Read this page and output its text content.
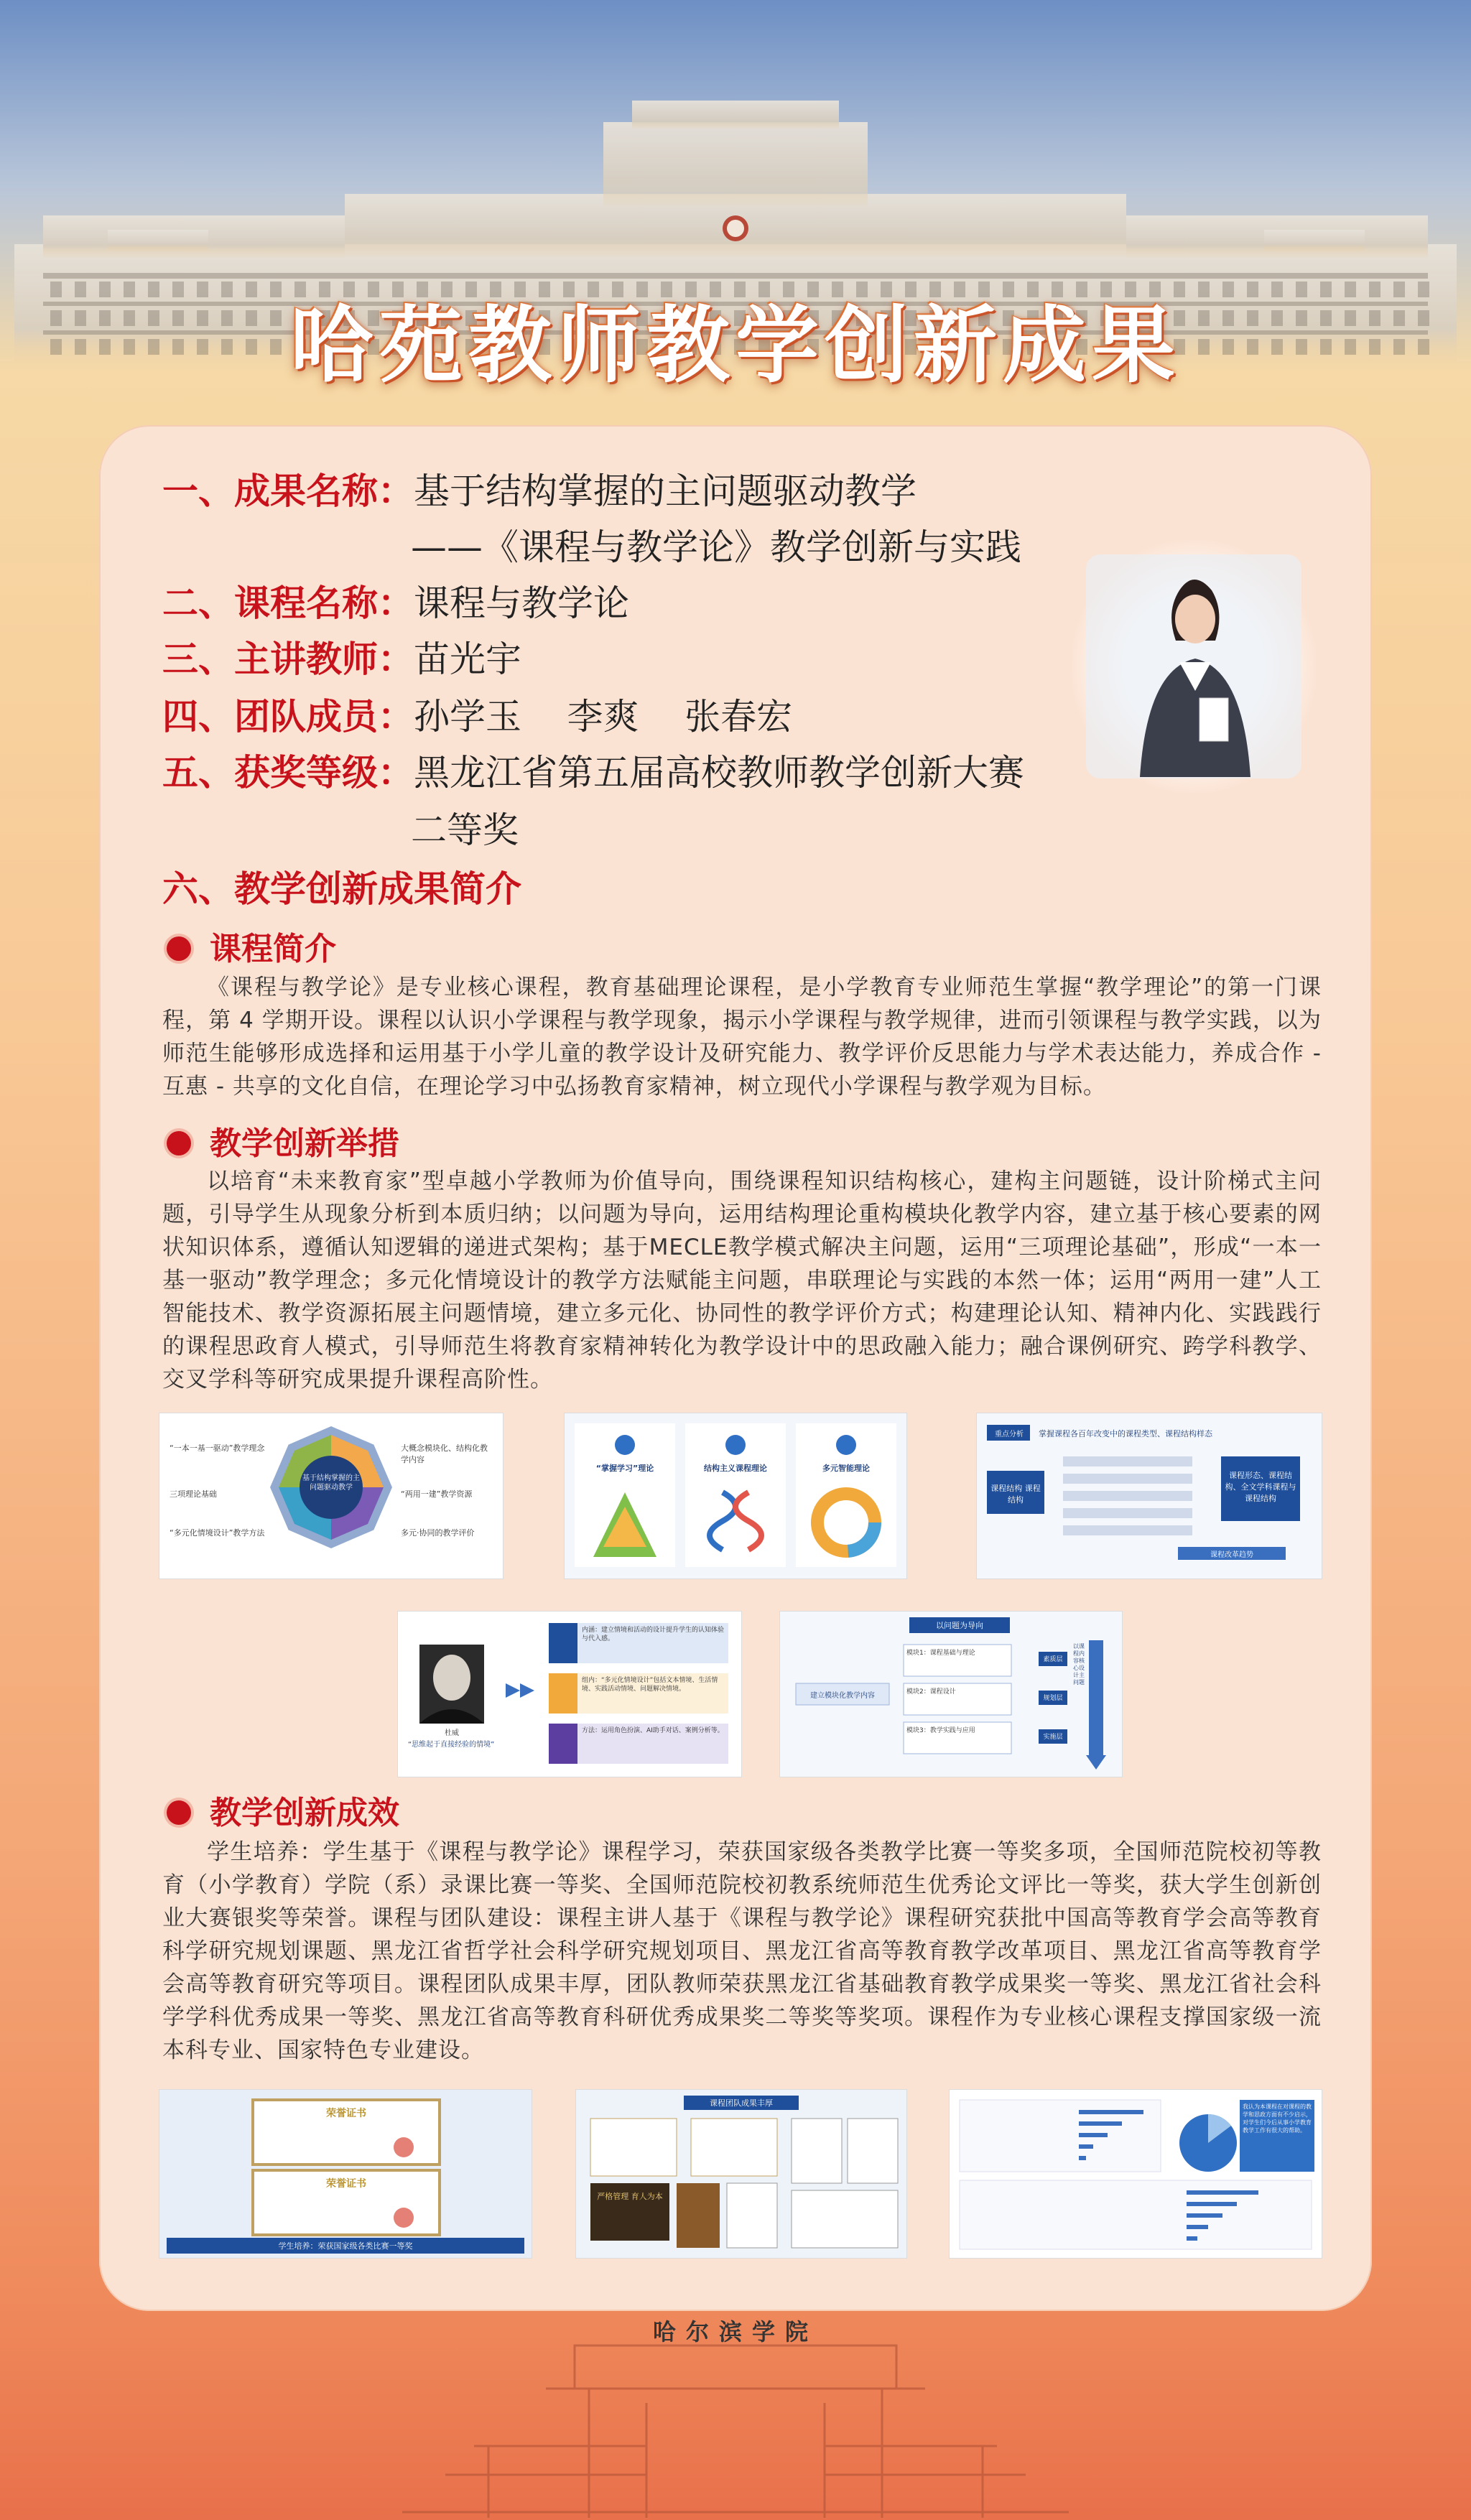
哈苑教师教学创新成果
一、成果名称：基于结构掌握的主问题驱动教学
——《课程与教学论》教学创新与实践
二、课程名称：课程与教学论
三、主讲教师：苗光宇
四、团队成员：孙学玉    李爽    张春宏
五、获奖等级：黑龙江省第五届高校教师教学创新大赛
二等奖
六、教学创新成果简介
课程简介
《课程与教学论》是专业核心课程，教育基础理论课程，是小学教育专业师范生掌握“教学理论”的第一门课程，第 4 学期开设。课程以认识小学课程与教学现象，揭示小学课程与教学规律，进而引领课程与教学实践，以为师范生能够形成选择和运用基于小学儿童的教学设计及研究能力、教学评价反思能力与学术表达能力，养成合作 - 互惠 - 共享的文化自信，在理论学习中弘扬教育家精神，树立现代小学课程与教学观为目标。
教学创新举措
以培育“未来教育家”型卓越小学教师为价值导向，围绕课程知识结构核心，建构主问题链，设计阶梯式主问题，引导学生从现象分析到本质归纳；以问题为导向，运用结构理论重构模块化教学内容，建立基于核心要素的网状知识体系，遵循认知逻辑的递进式架构；基于MECLE教学模式解决主问题，运用“三项理论基础”，形成“一本一基一驱动”教学理念；多元化情境设计的教学方法赋能主问题，串联理论与实践的本然一体；运用“两用一建”人工智能技术、教学资源拓展主问题情境，建立多元化、协同性的教学评价方式；构建理论认知、精神内化、实践践行的课程思政育人模式，引导师范生将教育家精神转化为教学设计中的思政融入能力；融合课例研究、跨学科教学、交叉学科等研究成果提升课程高阶性。
基于结构掌握的主问题驱动教学
“一本一基一驱动”教学理念
三项理论基础
“多元化情境设计”教学方法
大概念模块化、结构化教学内容
“两用一建”教学资源
多元·协同的教学评价
“掌握学习”理论	结构主义课程理论	多元智能理论
重点分析	掌握课程各百年改变中的课程类型、课程结构样态
课程结构 课程结构
课程形态、课程结构、全文学科课程与课程结构
课程改革趋势
杜威
“思维起于直接经验的情境”
内涵：建立情境和活动的设计提升学生的认知体验与代入感。
组内：“多元化情境设计”包括文本情境、生活情境、实践活动情境、问题解决情境。
方法：运用角色扮演、AI助手对话、案例分析等。
以问题为导向
建立模块化教学内容
模块1：课程基础与理论
模块2：课程设计
模块3：教学实践与应用
素质层
规划层
实施层
以课程内容核心设计主问题
教学创新成效
学生培养：学生基于《课程与教学论》课程学习，荣获国家级各类教学比赛一等奖多项，全国师范院校初等教育（小学教育）学院（系）录课比赛一等奖、全国师范院校初教系统师范生优秀论文评比一等奖，获大学生创新创业大赛银奖等荣誉。课程与团队建设：课程主讲人基于《课程与教学论》课程研究获批中国高等教育学会高等教育科学研究规划课题、黑龙江省哲学社会科学研究规划项目、黑龙江省高等教育教学改革项目、黑龙江省高等教育学会高等教育研究等项目。课程团队成果丰厚，团队教师荣获黑龙江省基础教育教学成果奖一等奖、黑龙江省社会科学学科优秀成果一等奖、黑龙江省高等教育科研优秀成果奖二等奖等奖项。课程作为专业核心课程支撑国家级一流本科专业、国家特色专业建设。
荣誉证书
荣誉证书
学生培养：荣获国家级各类比赛一等奖
课程团队成果丰厚
严格管理 育人为本
我认为本课程在对课程的教学和思政方面有不少启示，对学生们今后从事小学教育教学工作有很大的帮助。
哈尔滨学院
